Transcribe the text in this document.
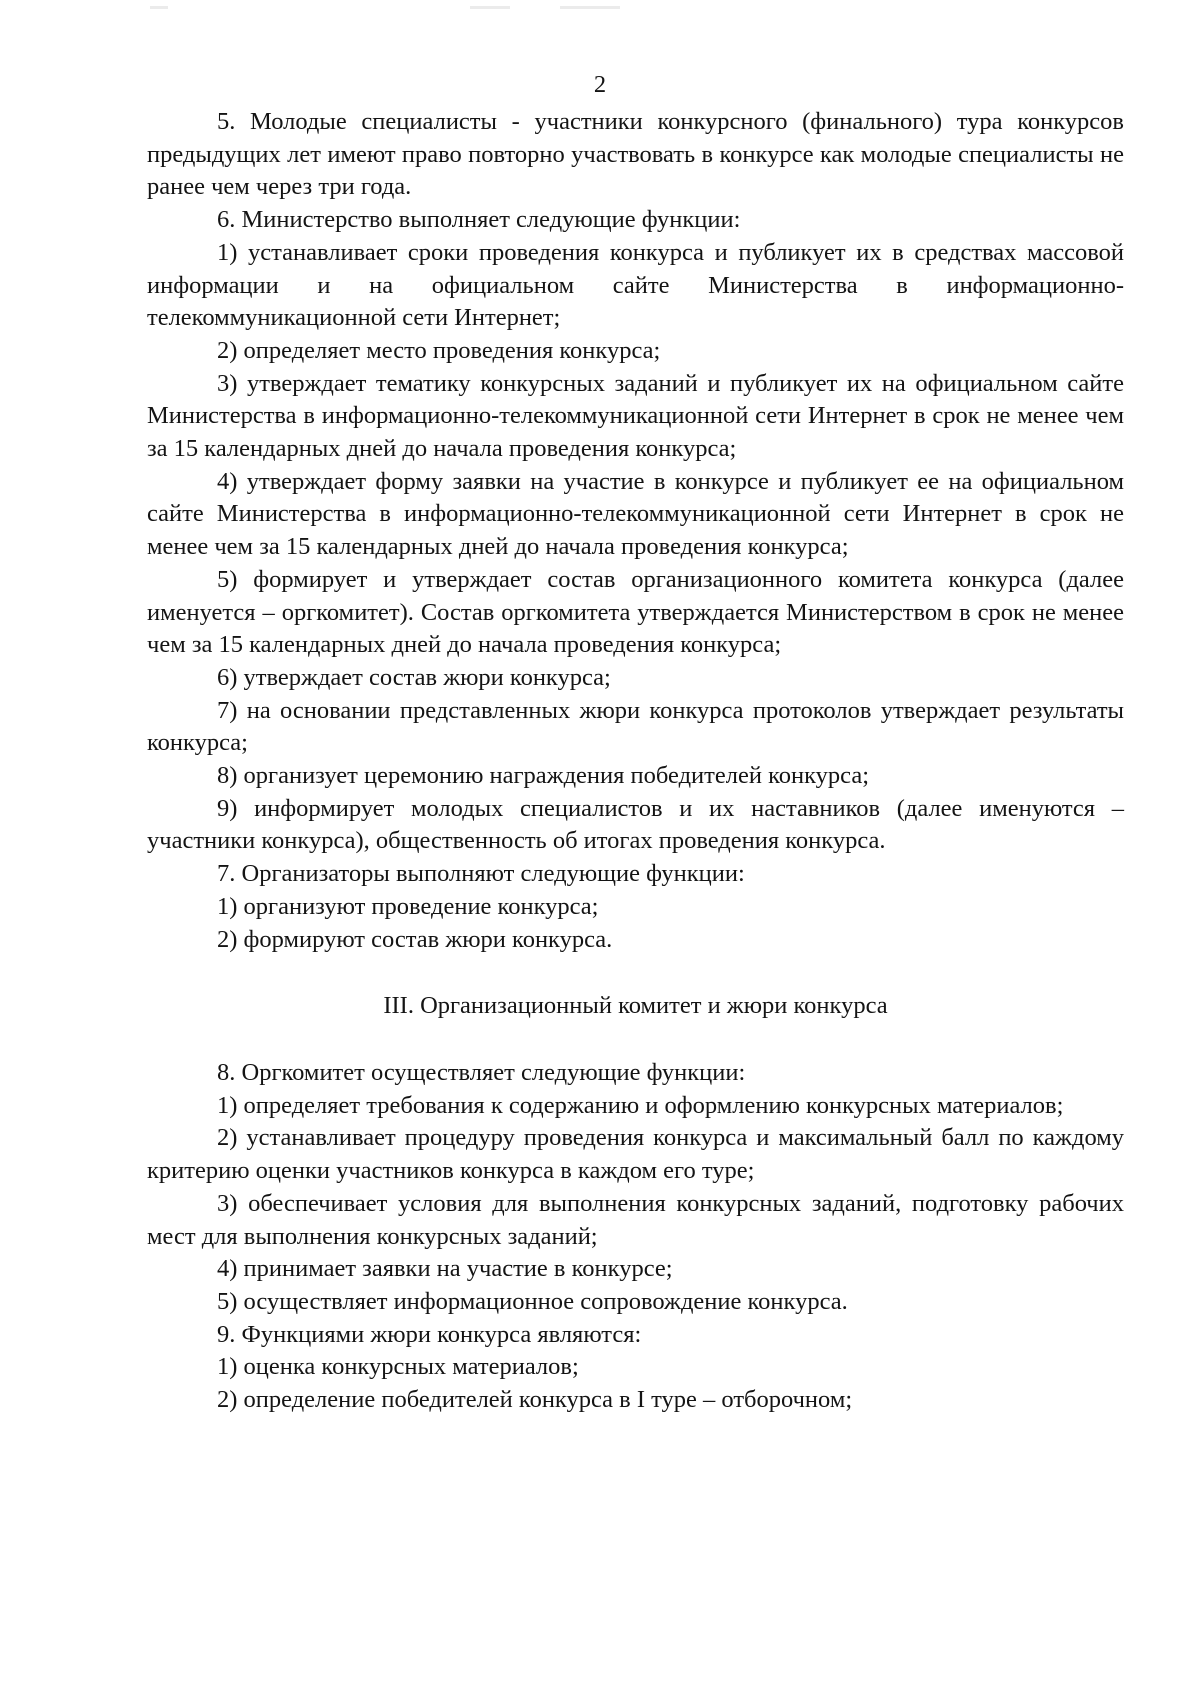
2

5. Молодые специалисты - участники конкурсного (финального) тура конкурсов предыдущих лет имеют право повторно участвовать в конкурсе как молодые специалисты не ранее чем через три года.

6. Министерство выполняет следующие функции:

1) устанавливает сроки проведения конкурса и публикует их в средствах массовой информации и на официальном сайте Министерства в информационно-телекоммуникационной сети Интернет;

2) определяет место проведения конкурса;

3) утверждает тематику конкурсных заданий и публикует их на официальном сайте Министерства в информационно-телекоммуникационной сети Интернет в срок не менее чем за 15 календарных дней до начала проведения конкурса;

4) утверждает форму заявки на участие в конкурсе и публикует ее на официальном сайте Министерства в информационно-телекоммуникационной сети Интернет в срок не менее чем за 15 календарных дней до начала проведения конкурса;

5) формирует и утверждает состав организационного комитета конкурса (далее именуется – оргкомитет). Состав оргкомитета утверждается Министерством в срок не менее чем за 15 календарных дней до начала проведения конкурса;

6) утверждает состав жюри конкурса;

7) на основании представленных жюри конкурса протоколов утверждает результаты конкурса;

8) организует церемонию награждения победителей конкурса;

9) информирует молодых специалистов и их наставников (далее именуются – участники конкурса), общественность об итогах проведения конкурса.

7. Организаторы выполняют следующие функции:

1) организуют проведение конкурса;

2) формируют состав жюри конкурса.

III. Организационный комитет и жюри конкурса

8. Оргкомитет осуществляет следующие функции:

1) определяет требования к содержанию и оформлению конкурсных материалов;

2) устанавливает процедуру проведения конкурса и максимальный балл по каждому критерию оценки участников конкурса в каждом его туре;

3) обеспечивает условия для выполнения конкурсных заданий, подготовку рабочих мест для выполнения конкурсных заданий;

4) принимает заявки на участие в конкурсе;

5) осуществляет информационное сопровождение конкурса.

9. Функциями жюри конкурса являются:

1) оценка конкурсных материалов;

2) определение победителей конкурса в I туре – отборочном;
